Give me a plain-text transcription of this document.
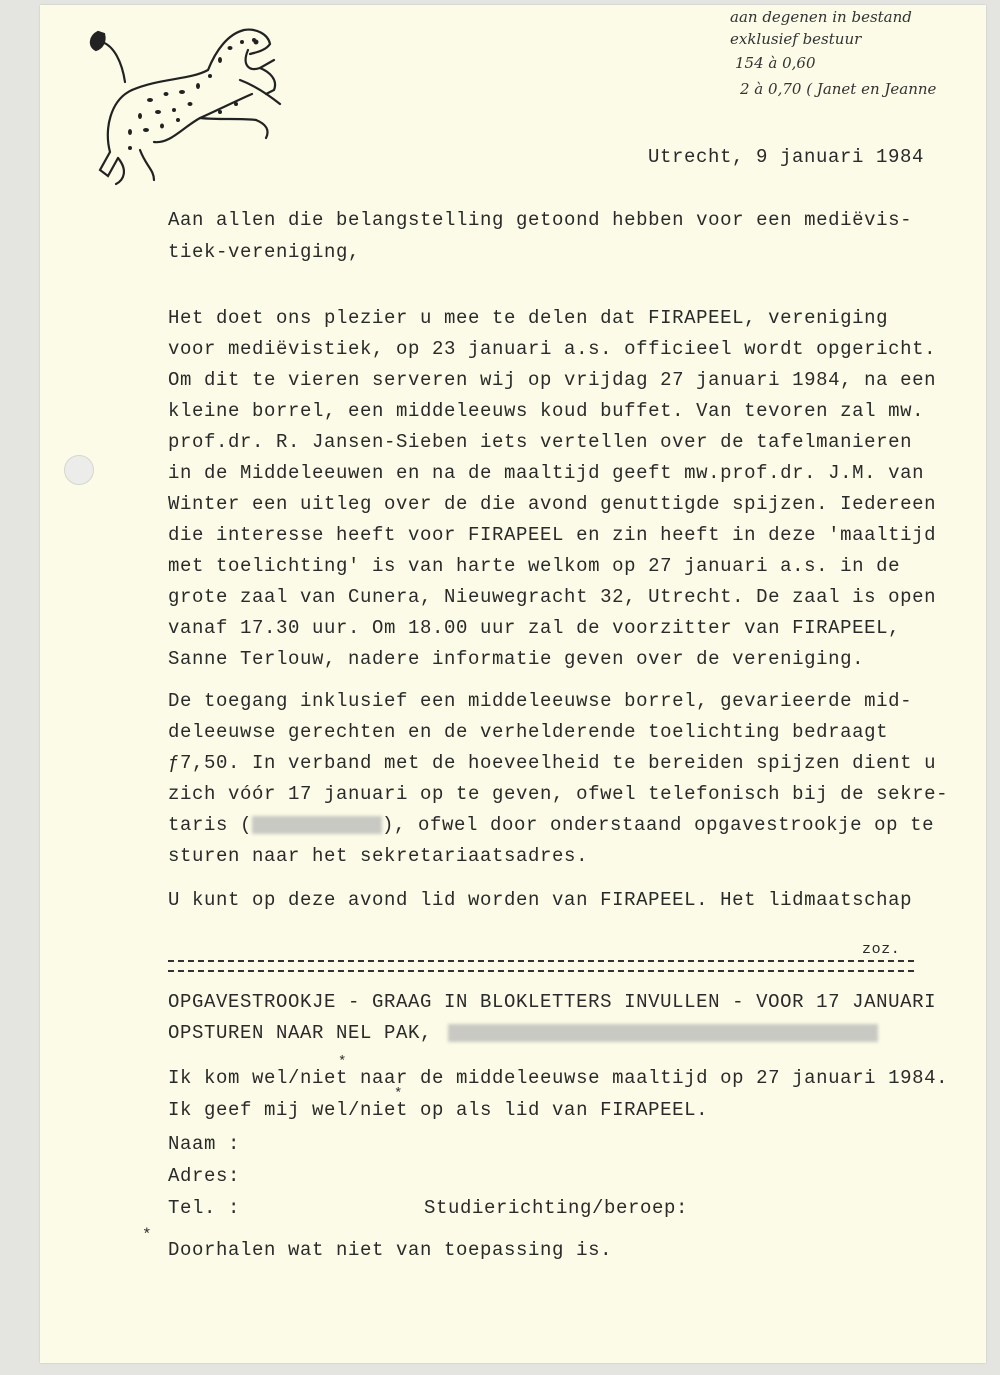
aan degenen in bestand
exklusief bestuur
154 à 0,60
2 à 0,70 ( Janet en Jeanne
Utrecht, 9 januari 1984
Aan allen die belangstelling getoond hebben voor een mediëvis-
tiek-vereniging,
Het doet ons plezier u mee te delen dat FIRAPEEL, vereniging
voor mediëvistiek, op 23 januari a.s. officieel wordt opgericht.
Om dit te vieren serveren wij op vrijdag 27 januari 1984, na een
kleine borrel, een middeleeuws koud buffet. Van tevoren zal mw.
prof.dr. R. Jansen-Sieben iets vertellen over de tafelmanieren
in de Middeleeuwen en na de maaltijd geeft mw.prof.dr. J.M. van
Winter een uitleg over de die avond genuttigde spijzen. Iedereen
die interesse heeft voor FIRAPEEL en zin heeft in deze 'maaltijd
met toelichting' is van harte welkom op 27 januari a.s. in de
grote zaal van Cunera, Nieuwegracht 32, Utrecht. De zaal is open
vanaf 17.30 uur. Om 18.00 uur zal de voorzitter van FIRAPEEL,
Sanne Terlouw, nadere informatie geven over de vereniging.
De toegang inklusief een middeleeuwse borrel, gevarieerde mid-
deleeuwse gerechten en de verhelderende toelichting bedraagt
ƒ7,50. In verband met de hoeveelheid te bereiden spijzen dient u
zich vóór 17 januari op te geven, ofwel telefonisch bij de sekre-
taris (	), ofwel door onderstaand opgavestrookje op te
sturen naar het sekretariaatsadres.
U kunt op deze avond lid worden van FIRAPEEL. Het lidmaatschap
zoz.
OPGAVESTROOKJE - GRAAG IN BLOKLETTERS INVULLEN - VOOR 17 JANUARI
OPSTUREN NAAR NEL PAK,
*
Ik kom wel/niet naar de middeleeuwse maaltijd op 27 januari 1984.
*
Ik geef mij wel/niet op als lid van FIRAPEEL.
Naam :
Adres:
Tel. :	Studierichting/beroep:
*
Doorhalen wat niet van toepassing is.
